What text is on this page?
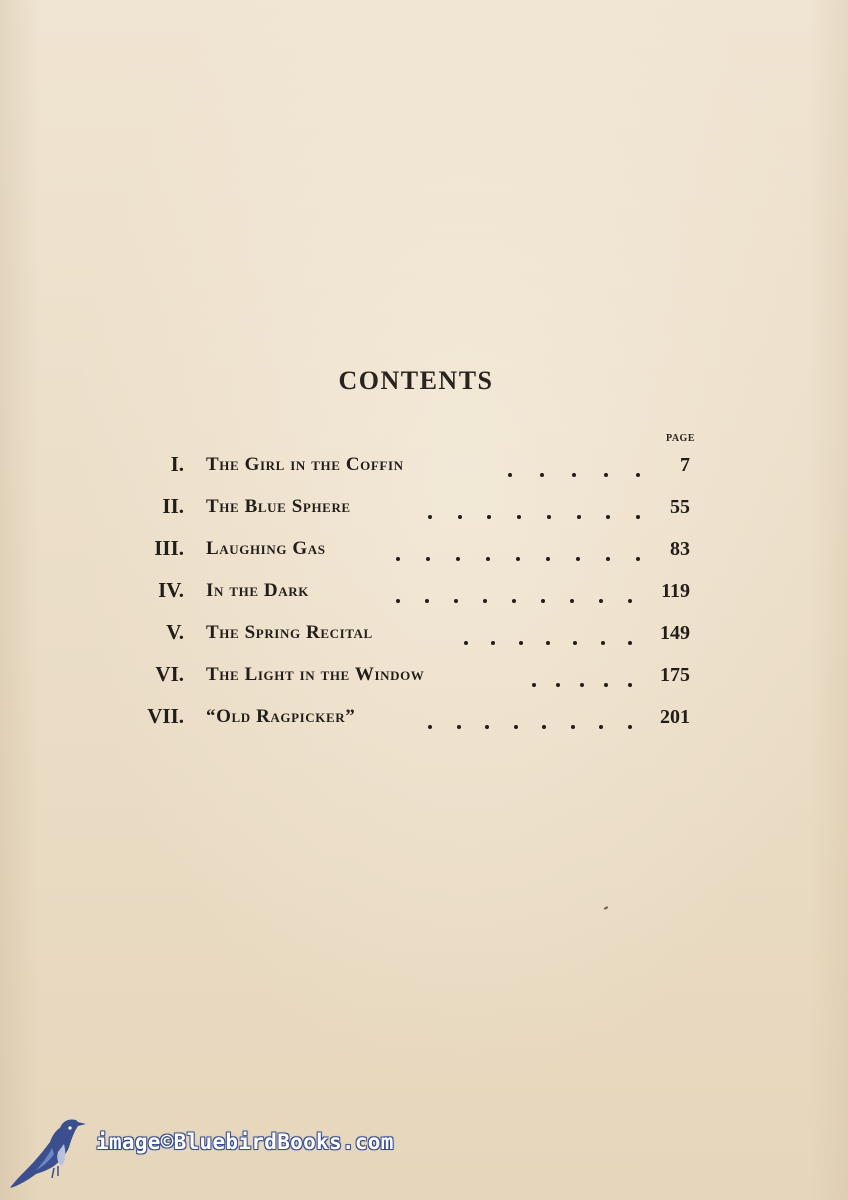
CONTENTS
PAGE
I. The Girl in the Coffin	7
II. The Blue Sphere	55
III. Laughing Gas	83
IV. In the Dark	119
V. The Spring Recital	149
VI. The Light in the Window	175
VII. “Old Ragpicker”	201
image©BluebirdBooks.com
